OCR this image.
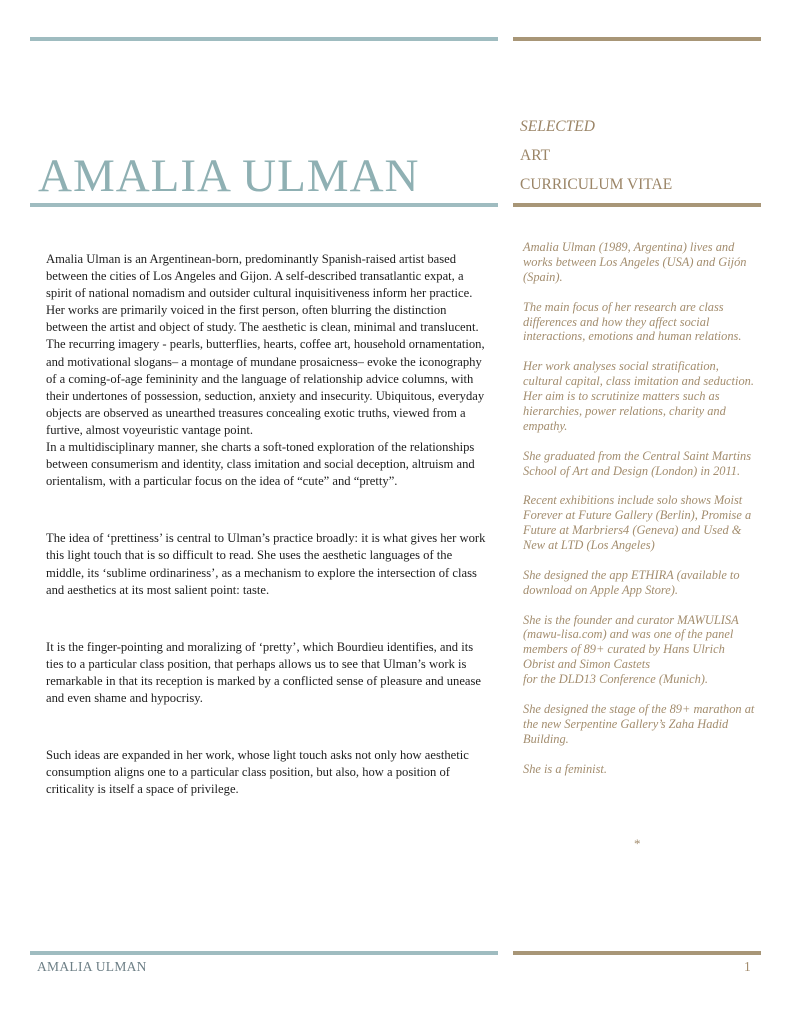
SELECTED
ART
CURRICULUM VITAE
AMALIA ULMAN

Amalia Ulman is an Argentinean-born, predominantly Spanish-raised artist based between the cities of Los Angeles and Gijon. A self-described transatlantic expat, a spirit of national nomadism and outsider cultural inquisitiveness inform her practice.

Her works are primarily voiced in the first person, often blurring the distinction between the artist and object of study. The aesthetic is clean, minimal and translucent. The recurring imagery - pearls, butterflies, hearts, coffee art, household ornamentation, and motivational slogans– a montage of mundane prosaicness– evoke the iconography of a coming-of-age femininity and the language of relationship advice columns, with their undertones of possession, seduction, anxiety and insecurity. Ubiquitous, everyday objects are observed as unearthed treasures concealing exotic truths, viewed from a furtive, almost voyeuristic vantage point.

In a multidisciplinary manner, she charts a soft-toned exploration of the relationships between consumerism and identity, class imitation and social deception, altruism and orientalism, with a particular focus on the idea of “cute” and “pretty”.

The idea of ‘prettiness’ is central to Ulman’s practice broadly: it is what gives her work this light touch that is so difficult to read. She uses the aesthetic languages of the middle, its ‘sublime ordinariness’, as a mechanism to explore the intersection of class and aesthetics at its most salient point: taste.

It is the finger-pointing and moralizing of ‘pretty’, which Bourdieu identifies, and its ties to a particular class position, that perhaps allows us to see that Ulman’s work is remarkable in that its reception is marked by a conflicted sense of pleasure and unease and even shame and hypocrisy.

Such ideas are expanded in her work, whose light touch asks not only how aesthetic consumption aligns one to a particular class position, but also, how a position of criticality is itself a space of privilege.

Amalia Ulman (1989, Argentina) lives and works between Los Angeles (USA) and Gijón (Spain).

The main focus of her research are class differences and how they affect social interactions, emotions and human relations.

Her work analyses social stratification, cultural capital, class imitation and seduction. Her aim is to scrutinize matters such as hierarchies, power relations, charity and empathy.

She graduated from the Central Saint Martins School of Art and Design (London) in 2011.

Recent exhibitions include solo shows Moist Forever at Future Gallery (Berlin), Promise a Future at Marbriers4 (Geneva) and Used & New at LTD (Los Angeles)

She designed the app ETHIRA (available to download on Apple App Store).

She is the founder and curator MAWULISA (mawu-lisa.com) and was one of the panel members of 89+ curated by Hans Ulrich Obrist and Simon Castets

for the DLD13 Conference (Munich).

She designed the stage of the 89+ marathon at the new Serpentine Gallery’s Zaha Hadid Building.

She is a feminist.

*
AMALIA ULMAN	1
